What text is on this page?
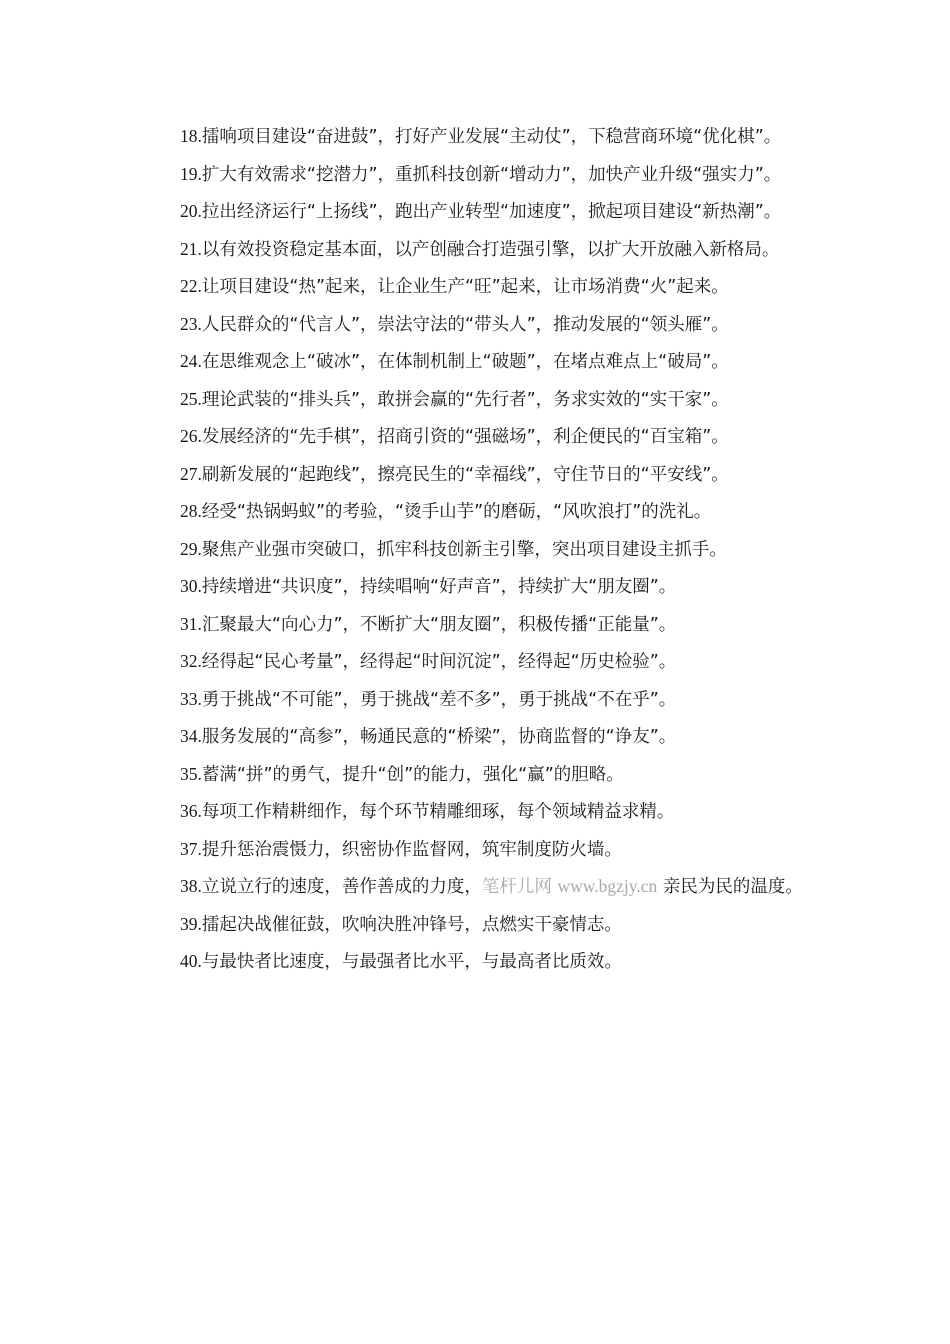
18.擂响项目建设“奋进鼓”，打好产业发展“主动仗”，下稳营商环境“优化棋”。

19.扩大有效需求“挖潜力”，重抓科技创新“增动力”，加快产业升级“强实力”。

20.拉出经济运行“上扬线”，跑出产业转型“加速度”，掀起项目建设“新热潮”。

21.以有效投资稳定基本面，以产创融合打造强引擎，以扩大开放融入新格局。

22.让项目建设“热”起来，让企业生产“旺”起来，让市场消费“火”起来。

23.人民群众的“代言人”，崇法守法的“带头人”，推动发展的“领头雁”。

24.在思维观念上“破冰”，在体制机制上“破题”，在堵点难点上“破局”。

25.理论武装的“排头兵”，敢拼会赢的“先行者”，务求实效的“实干家”。

26.发展经济的“先手棋”，招商引资的“强磁场”，利企便民的“百宝箱”。

27.刷新发展的“起跑线”，擦亮民生的“幸福线”，守住节日的“平安线”。

28.经受“热锅蚂蚁”的考验，“烫手山芋”的磨砺，“风吹浪打”的洗礼。

29.聚焦产业强市突破口，抓牢科技创新主引擎，突出项目建设主抓手。

30.持续增进“共识度”，持续唱响“好声音”，持续扩大“朋友圈”。

31.汇聚最大“向心力”，不断扩大“朋友圈”，积极传播“正能量”。

32.经得起“民心考量”，经得起“时间沉淀”，经得起“历史检验”。

33.勇于挑战“不可能”，勇于挑战“差不多”，勇于挑战“不在乎”。

34.服务发展的“高参”，畅通民意的“桥梁”，协商监督的“诤友”。

35.蓄满“拼”的勇气，提升“创”的能力，强化“赢”的胆略。

36.每项工作精耕细作，每个环节精雕细琢，每个领域精益求精。

37.提升惩治震慑力，织密协作监督网，筑牢制度防火墙。

38.立说立行的速度，善作善成的力度，笔杆儿网 www.bgzjy.cn 亲民为民的温度。

39.擂起决战催征鼓，吹响决胜冲锋号，点燃实干豪情志。

40.与最快者比速度，与最强者比水平，与最高者比质效。
